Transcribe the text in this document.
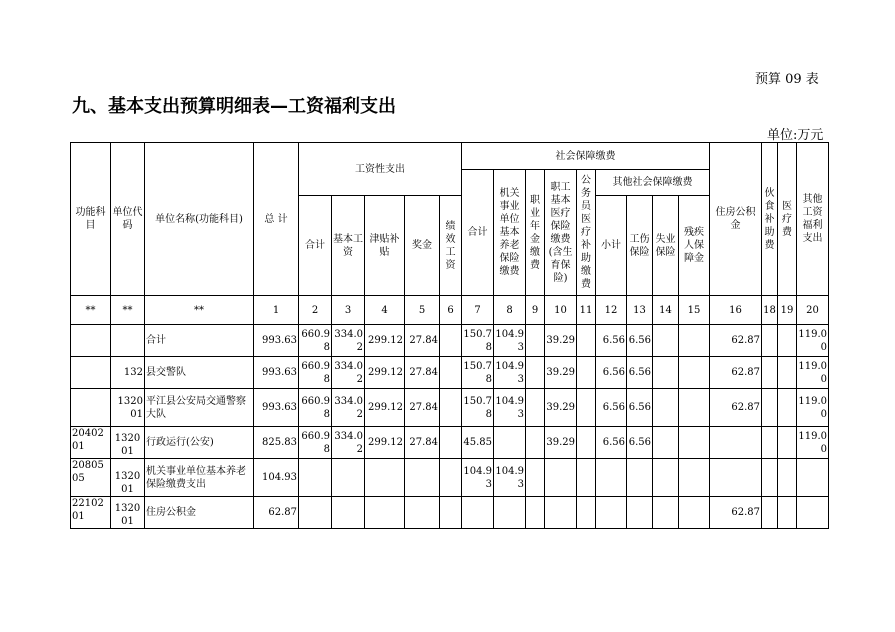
预算 09 表
九、基本支出预算明细表—工资福利支出
单位:万元
功能科目	单位代码	单位名称(功能科目)	总 计	工资性支出					社会保障缴费									住房公积金	伙食补助费	医疗费	其他工资福利支出
									合计	机关事业单位基本养老保险缴费	职业年金缴费	职工基本医疗保险缴费(含生育保险)	公务员医疗补助缴费	其他社会保障缴费							
				合计	基本工资	津贴补贴	奖金	绩效工资						小计	工伤保险	失业保险	残疾人保障金				
**	**	**	1	2	3	4	5	6	7	8	9	10	11	12	13	14	15	16	18	19	20
		合计	993.63	660.98	334.02	299.12	27.84		150.78	104.93		39.29		6.56	6.56			62.87			119.00
	132	县交警队	993.63	660.98	334.02	299.12	27.84		150.78	104.93		39.29		6.56	6.56			62.87			119.00
	132001	平江县公安局交通警察大队	993.63	660.98	334.02	299.12	27.84		150.78	104.93		39.29		6.56	6.56			62.87			119.00
2040201	132001	行政运行(公安)	825.83	660.98	334.02	299.12	27.84		45.85			39.29		6.56	6.56						119.00
2080505	132001	机关事业单位基本养老保险缴费支出	104.93						104.93	104.93											
2210201	132001	住房公积金	62.87															62.87			
